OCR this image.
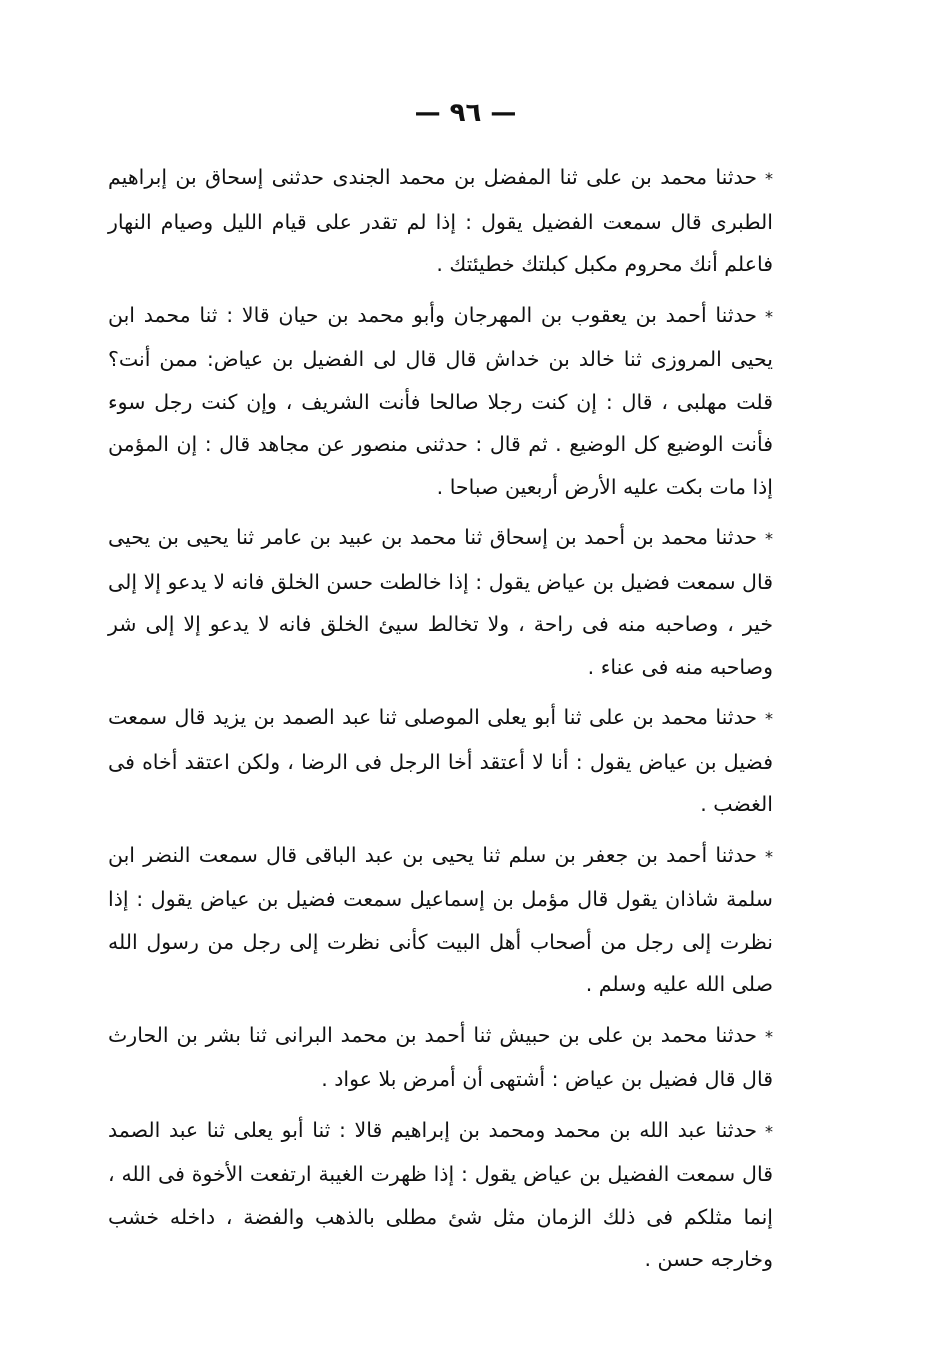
— ٩٦ —

*حدثنا محمد بن على ثنا المفضل بن محمد الجندى حدثنى إسحاق بن إبراهيم الطبرى قال سمعت الفضيل يقول : إذا لم تقدر على قيام الليل وصيام النهار فاعلم أنك محروم مكبل كبلتك خطيئتك .

*حدثنا أحمد بن يعقوب بن المهرجان وأبو محمد بن حيان قالا : ثنا محمد ابن يحيى المروزى ثنا خالد بن خداش قال قال لى الفضيل بن عياض: ممن أنت؟ قلت مهلبى ، قال : إن كنت رجلا صالحا فأنت الشريف ، وإن كنت رجل سوء فأنت الوضيع كل الوضيع . ثم قال : حدثنى منصور عن مجاهد قال : إن المؤمن إذا مات بكت عليه الأرض أربعين صباحا .

*حدثنا محمد بن أحمد بن إسحاق ثنا محمد بن عبيد بن عامر ثنا يحيى بن يحيى قال سمعت فضيل بن عياض يقول : إذا خالطت حسن الخلق فانه لا يدعو إلا إلى خير ، وصاحبه منه فى راحة ، ولا تخالط سيئ الخلق فانه لا يدعو إلا إلى شر وصاحبه منه فى عناء .

*حدثنا محمد بن على ثنا أبو يعلى الموصلى ثنا عبد الصمد بن يزيد قال سمعت فضيل بن عياض يقول : أنا لا أعتقد أخا الرجل فى الرضا ، ولكن اعتقد أخاه فى الغضب .

*حدثنا أحمد بن جعفر بن سلم ثنا يحيى بن عبد الباقى قال سمعت النضر ابن سلمة شاذان يقول قال مؤمل بن إسماعيل سمعت فضيل بن عياض يقول : إذا نظرت إلى رجل من أصحاب أهل البيت كأنى نظرت إلى رجل من رسول الله صلى الله عليه وسلم .

*حدثنا محمد بن على بن حبيش ثنا أحمد بن محمد البرانى ثنا بشر بن الحارث قال قال فضيل بن عياض : أشتهى أن أمرض بلا عواد .

*حدثنا عبد الله بن محمد ومحمد بن إبراهيم قالا : ثنا أبو يعلى ثنا عبد الصمد قال سمعت الفضيل بن عياض يقول : إذا ظهرت الغيبة ارتفعت الأخوة فى الله ، إنما مثلكم فى ذلك الزمان مثل شئ مطلى بالذهب والفضة ، داخله خشب وخارجه حسن .
